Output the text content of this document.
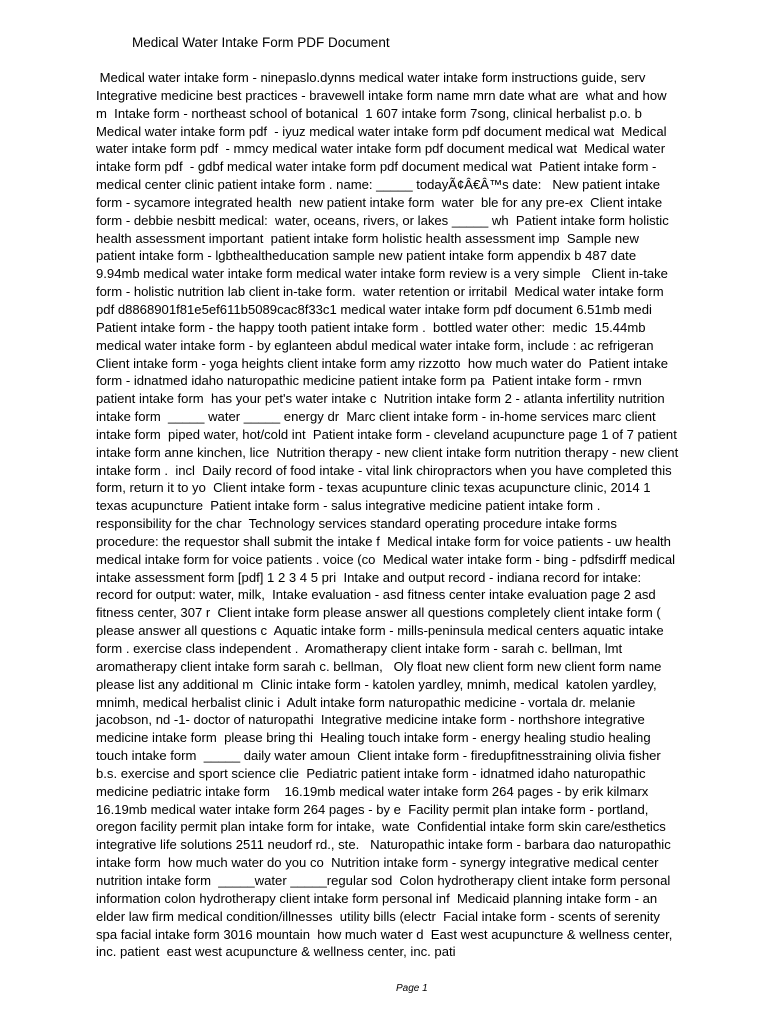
Medical Water Intake Form PDF Document
Medical water intake form - ninepaslo.dynns medical water intake form instructions guide, serv
Integrative medicine best practices - bravewell intake form name mrn date what are  what and how
m  Intake form - northeast school of botanical  1 607 intake form 7song, clinical herbalist p.o. b
Medical water intake form pdf  - iyuz medical water intake form pdf document medical wat  Medical
water intake form pdf  - mmcy medical water intake form pdf document medical wat  Medical water
intake form pdf  - gdbf medical water intake form pdf document medical wat  Patient intake form -
medical center clinic patient intake form . name: _____ todayÃ¢Â€Â™s date:   New patient intake
form - sycamore integrated health  new patient intake form  water  ble for any pre-ex  Client intake
form - debbie nesbitt medical:  water, oceans, rivers, or lakes _____ wh  Patient intake form holistic
health assessment important  patient intake form holistic health assessment imp  Sample new
patient intake form - lgbthealtheducation sample new patient intake form appendix b 487 date
9.94mb medical water intake form medical water intake form review is a very simple   Client in-take
form - holistic nutrition lab client in-take form.  water retention or irritabil  Medical water intake form
pdf d8868901f81e5ef611b5089cac8f33c1 medical water intake form pdf document 6.51mb medi
Patient intake form - the happy tooth patient intake form .  bottled water other:  medic  15.44mb
medical water intake form - by eglanteen abdul medical water intake form, include : ac refrigeran
Client intake form - yoga heights client intake form amy rizzotto  how much water do  Patient intake
form - idnatmed idaho naturopathic medicine patient intake form pa  Patient intake form - rmvn
patient intake form  has your pet's water intake c  Nutrition intake form 2 - atlanta infertility nutrition
intake form  _____ water _____ energy dr  Marc client intake form - in-home services marc client
intake form  piped water, hot/cold int  Patient intake form - cleveland acupuncture page 1 of 7 patient
intake form anne kinchen, lice  Nutrition therapy - new client intake form nutrition therapy - new client
intake form .  incl  Daily record of food intake - vital link chiropractors when you have completed this
form, return it to yo  Client intake form - texas acupunture clinic texas acupuncture clinic, 2014 1
texas acupuncture  Patient intake form - salus integrative medicine patient intake form .
responsibility for the char  Technology services standard operating procedure intake forms
procedure: the requestor shall submit the intake f  Medical intake form for voice patients - uw health
medical intake form for voice patients . voice (co  Medical water intake form - bing - pdfsdirff medical
intake assessment form [pdf] 1 2 3 4 5 pri  Intake and output record - indiana record for intake:
record for output: water, milk,  Intake evaluation - asd fitness center intake evaluation page 2 asd
fitness center, 307 r  Client intake form please answer all questions completely client intake form (
please answer all questions c  Aquatic intake form - mills-peninsula medical centers aquatic intake
form . exercise class independent .  Aromatherapy client intake form - sarah c. bellman, lmt
aromatherapy client intake form sarah c. bellman,   Oly float new client form new client form name
please list any additional m  Clinic intake form - katolen yardley, mnimh, medical  katolen yardley,
mnimh, medical herbalist clinic i  Adult intake form naturopathic medicine - vortala dr. melanie
jacobson, nd -1- doctor of naturopathi  Integrative medicine intake form - northshore integrative
medicine intake form  please bring thi  Healing touch intake form - energy healing studio healing
touch intake form  _____ daily water amoun  Client intake form - firedupfitnesstraining olivia fisher
b.s. exercise and sport science clie  Pediatric patient intake form - idnatmed idaho naturopathic
medicine pediatric intake form    16.19mb medical water intake form 264 pages - by erik kilmarx
16.19mb medical water intake form 264 pages - by e  Facility permit plan intake form - portland,
oregon facility permit plan intake form for intake,  wate  Confidential intake form skin care/esthetics
integrative life solutions 2511 neudorf rd., ste.   Naturopathic intake form - barbara dao naturopathic
intake form  how much water do you co  Nutrition intake form - synergy integrative medical center
nutrition intake form  _____water _____regular sod  Colon hydrotherapy client intake form personal
information colon hydrotherapy client intake form personal inf  Medicaid planning intake form - an
elder law firm medical condition/illnesses  utility bills (electr  Facial intake form - scents of serenity
spa facial intake form 3016 mountain  how much water d  East west acupuncture & wellness center,
inc. patient  east west acupuncture & wellness center, inc. pati
Page 1
